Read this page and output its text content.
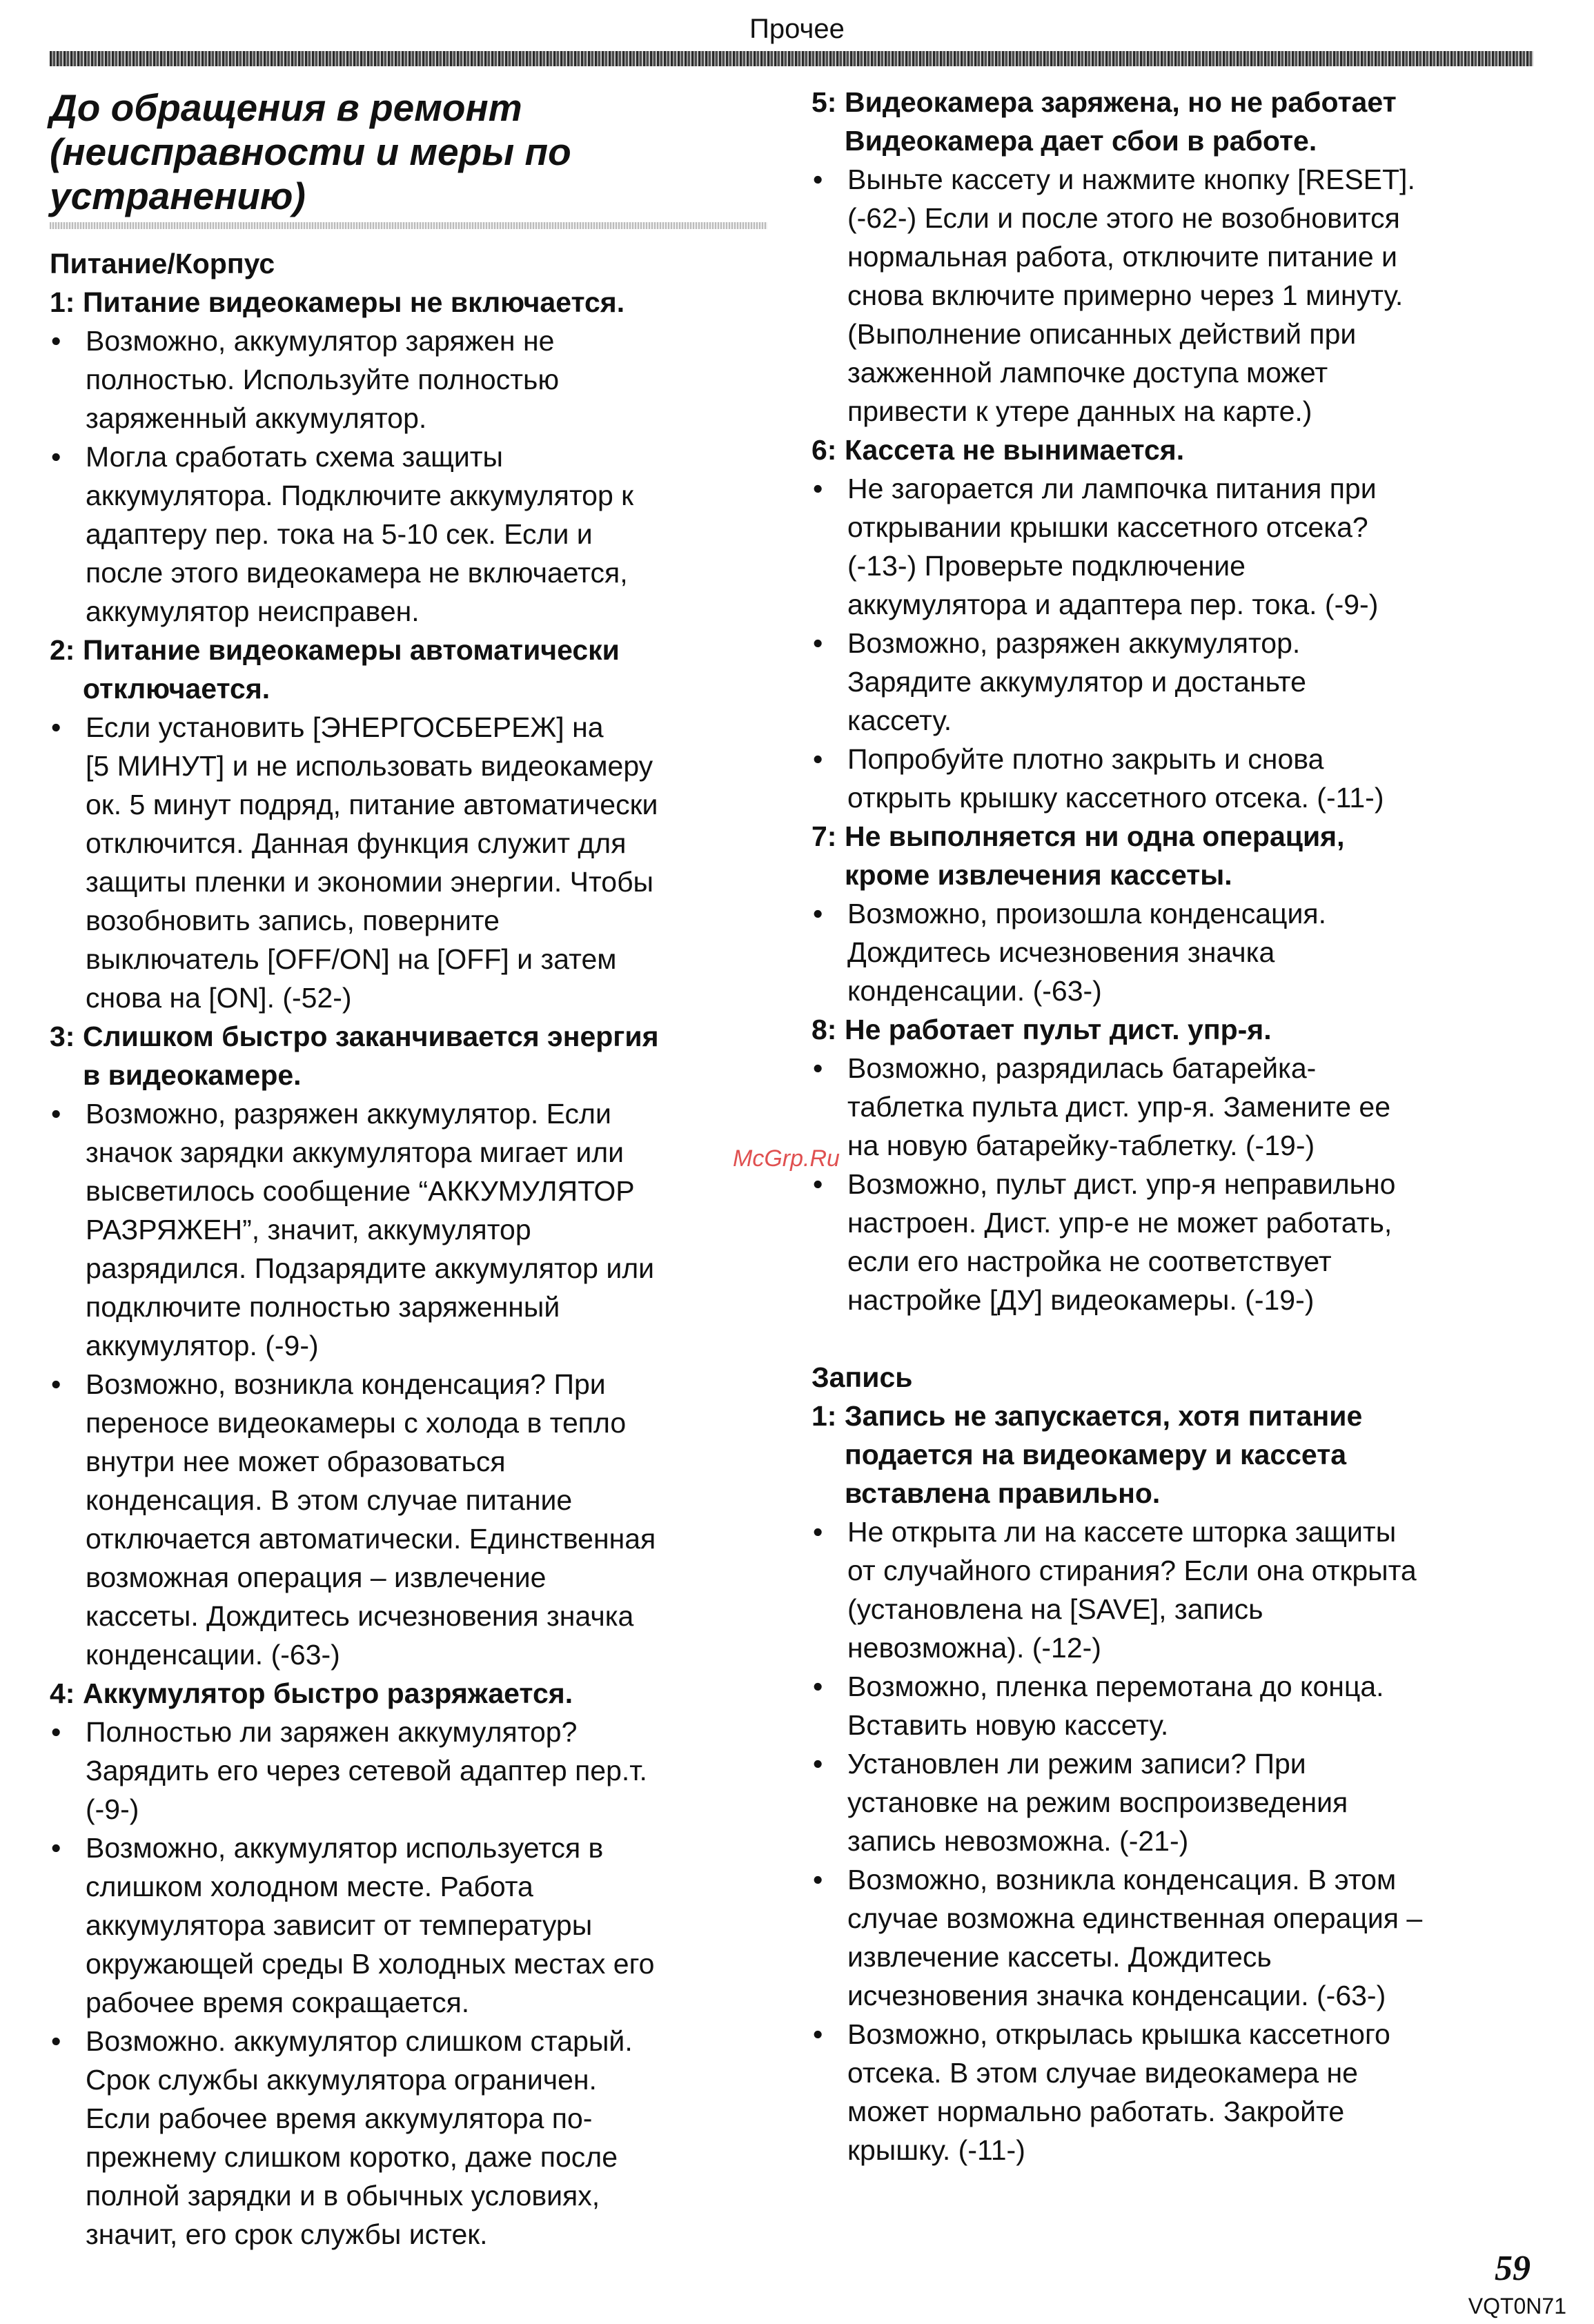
Прочее
До обращения в ремонт
(неисправности и меры по
устранению)
Питание/Корпус
1: Питание видеокамеры не включается.
• Возможно, аккумулятор заряжен не
полностью. Используйте полностью
заряженный аккумулятор.
• Могла сработать схема защиты
аккумулятора. Подключите аккумулятор к
адаптеру пер. тока на 5-10 сек. Если и
после этого видеокамера не включается,
аккумулятор неисправен.
2: Питание видеокамеры автоматически
отключается.
• Если установить [ЭНЕРГОСБЕРЕЖ] на
[5 МИНУТ] и не использовать видеокамеру
ок. 5 минут подряд, питание автоматически
отключится. Данная функция служит для
защиты пленки и экономии энергии. Чтобы
возобновить запись, поверните
выключатель [OFF/ON] на [OFF] и затем
снова на [ON]. (-52-)
3: Слишком быстро заканчивается энергия
в видеокамере.
• Возможно, разряжен аккумулятор. Если
значок зарядки аккумулятора мигает или
высветилось сообщение “АККУМУЛЯТОР
РАЗРЯЖЕН”, значит, аккумулятор
разрядился. Подзарядите аккумулятор или
подключите полностью заряженный
аккумулятор. (-9-)
• Возможно, возникла конденсация? При
переносе видеокамеры с холода в тепло
внутри нее может образоваться
конденсация. В этом случае питание
отключается автоматически. Единственная
возможная операция – извлечение
кассеты. Дождитесь исчезновения значка
конденсации. (-63-)
4: Аккумулятор быстро разряжается.
• Полностью ли заряжен аккумулятор?
Зарядить его через сетевой адаптер пер.т.
(-9-)
• Возможно, аккумулятор используется в
слишком холодном месте. Работа
аккумулятора зависит от температуры
окружающей среды В холодных местах его
рабочее время сокращается.
• Возможно. аккумулятор слишком старый.
Срок службы аккумулятора ограничен.
Если рабочее время аккумулятора по-
прежнему слишком коротко, даже после
полной зарядки и в обычных условиях,
значит, его срок службы истек.
5: Видеокамера заряжена, но не работает
Видеокамера дает сбои в работе.
• Выньте кассету и нажмите кнопку [RESET].
(-62-) Если и после этого не возобновится
нормальная работа, отключите питание и
снова включите примерно через 1 минуту.
(Выполнение описанных действий при
зажженной лампочке доступа может
привести к утере данных на карте.)
6: Кассета не вынимается.
• Не загорается ли лампочка питания при
открывании крышки кассетного отсека?
(-13-) Проверьте подключение
аккумулятора и адаптера пер. тока. (-9-)
• Возможно, разряжен аккумулятор.
Зарядите аккумулятор и достаньте
кассету.
• Попробуйте плотно закрыть и снова
открыть крышку кассетного отсека. (-11-)
7: Не выполняется ни одна операция,
кроме извлечения кассеты.
• Возможно, произошла конденсация.
Дождитесь исчезновения значка
конденсации. (-63-)
8: Не работает пульт дист. упр-я.
• Возможно, разрядилась батарейка-
таблетка пульта дист. упр-я. Замените ее
на новую батарейку-таблетку. (-19-)
• Возможно, пульт дист. упр-я неправильно
настроен. Дист. упр-е не может работать,
если его настройка не соответствует
настройке [ДУ] видеокамеры. (-19-)
Запись
1: Запись не запускается, хотя питание
подается на видеокамеру и кассета
вставлена правильно.
• Не открыта ли на кассете шторка защиты
от случайного стирания? Если она открыта
(установлена на [SAVE], запись
невозможна). (-12-)
• Возможно, пленка перемотана до конца.
Вставить новую кассету.
• Установлен ли режим записи? При
установке на режим воспроизведения
запись невозможна. (-21-)
• Возможно, возникла конденсация. В этом
случае возможна единственная операция –
извлечение кассеты. Дождитесь
исчезновения значка конденсации. (-63-)
• Возможно, открылась крышка кассетного
отсека. В этом случае видеокамера не
может нормально работать. Закройте
крышку. (-11-)
McGrp.Ru
59
VQT0N71
